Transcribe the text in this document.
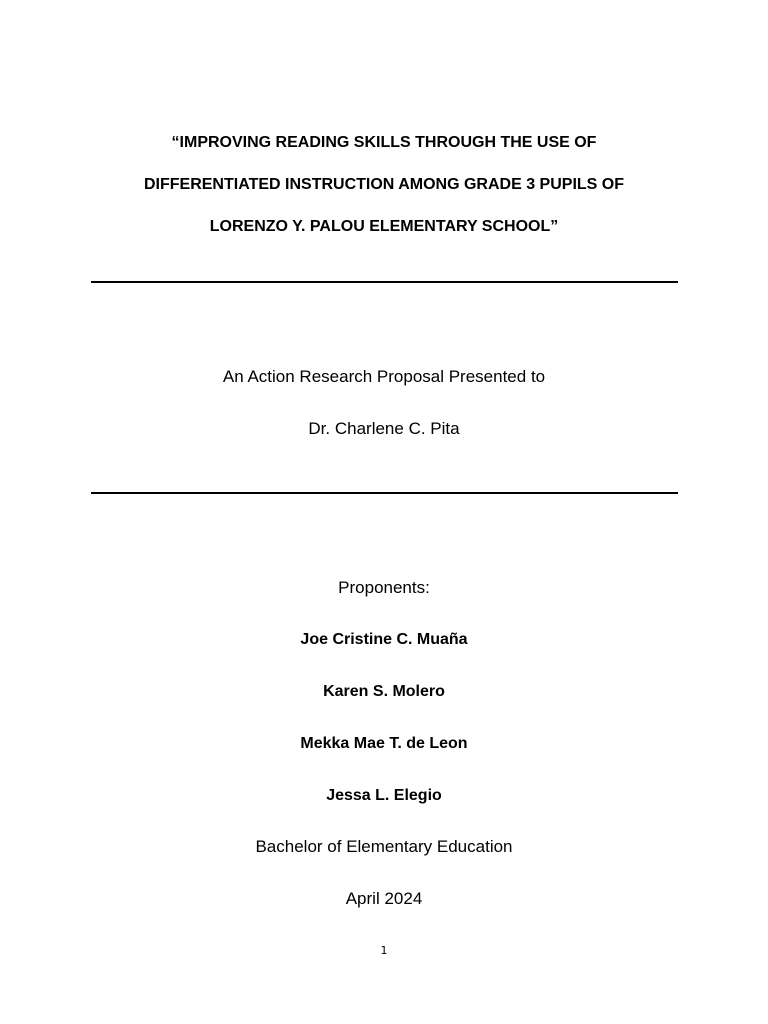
“IMPROVING READING SKILLS THROUGH THE USE OF
DIFFERENTIATED INSTRUCTION AMONG GRADE 3 PUPILS OF
LORENZO Y. PALOU ELEMENTARY SCHOOL”
An Action Research Proposal Presented to
Dr. Charlene C. Pita
Proponents:
Joe Cristine C. Muaña
Karen S. Molero
Mekka Mae T. de Leon
Jessa L. Elegio
Bachelor of Elementary Education
April 2024
1
